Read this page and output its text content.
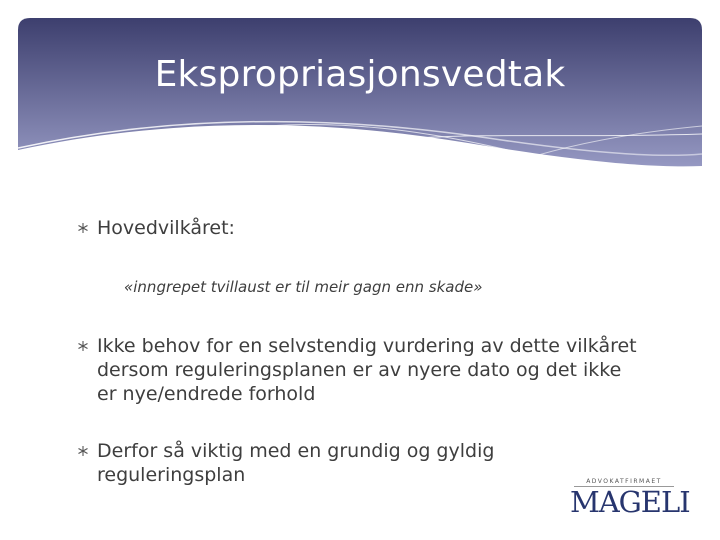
Ekspropriasjonsvedtak
Hovedvilkåret:
«inngrepet tvillaust er til meir gagn enn skade»
Ikke behov for en selvstendig vurdering av dette vilkåret dersom reguleringsplanen er av nyere dato og det ikke er nye/endrede forhold
Derfor så viktig med en grundig og gyldig reguleringsplan	ADVOKATFIRMAET
MAGELI
